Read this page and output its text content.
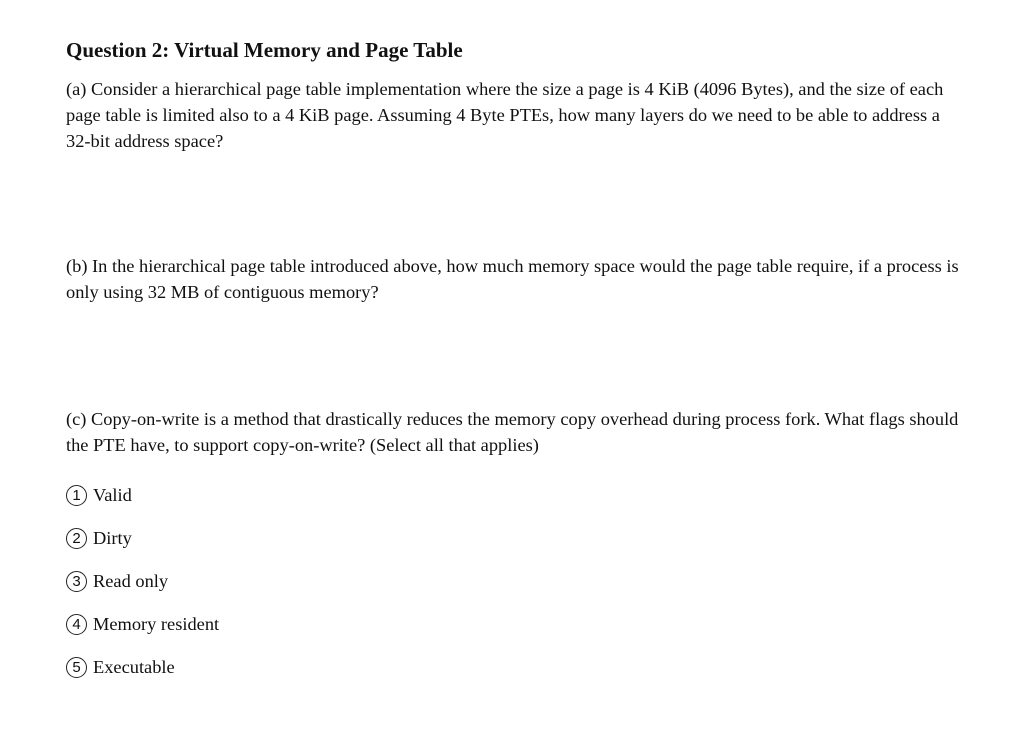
Question 2: Virtual Memory and Page Table

(a) Consider a hierarchical page table implementation where the size a page is 4 KiB (4096 Bytes), and the size of each page table is limited also to a 4 KiB page. Assuming 4 Byte PTEs, how many layers do we need to be able to address a 32-bit address space?

(b) In the hierarchical page table introduced above, how much memory space would the page table require, if a process is only using 32 MB of contiguous memory?

(c) Copy-on-write is a method that drastically reduces the memory copy overhead during process fork. What flags should the PTE have, to support copy-on-write? (Select all that applies)

1 Valid
2 Dirty
3 Read only
4 Memory resident
5 Executable
